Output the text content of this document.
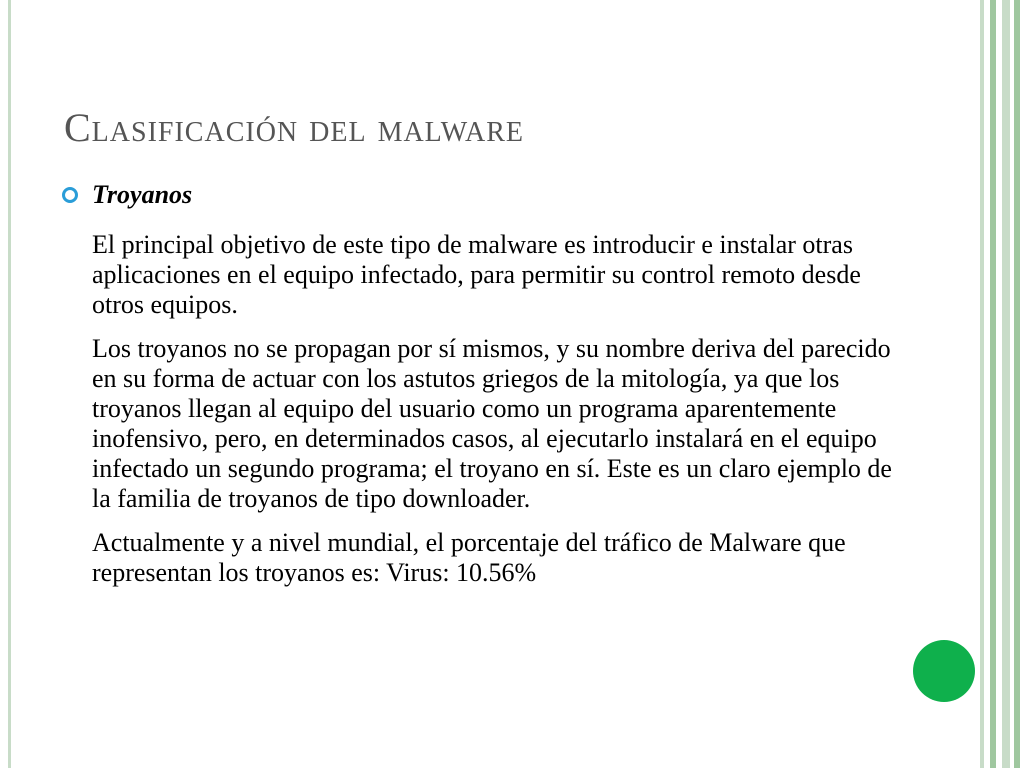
Clasificación del malware
Troyanos

El principal objetivo de este tipo de malware es introducir e instalar otras aplicaciones en el equipo infectado, para permitir su control remoto desde otros equipos.

Los troyanos no se propagan por sí mismos, y su nombre deriva del parecido en su forma de actuar con los astutos griegos de la mitología, ya que los troyanos llegan al equipo del usuario como un programa aparentemente inofensivo, pero, en determinados casos, al ejecutarlo instalará en el equipo infectado un segundo programa; el troyano en sí. Este es un claro ejemplo de la familia de troyanos de tipo downloader.

Actualmente y a nivel mundial, el porcentaje del tráfico de Malware que representan los troyanos es: Virus: 10.56%
